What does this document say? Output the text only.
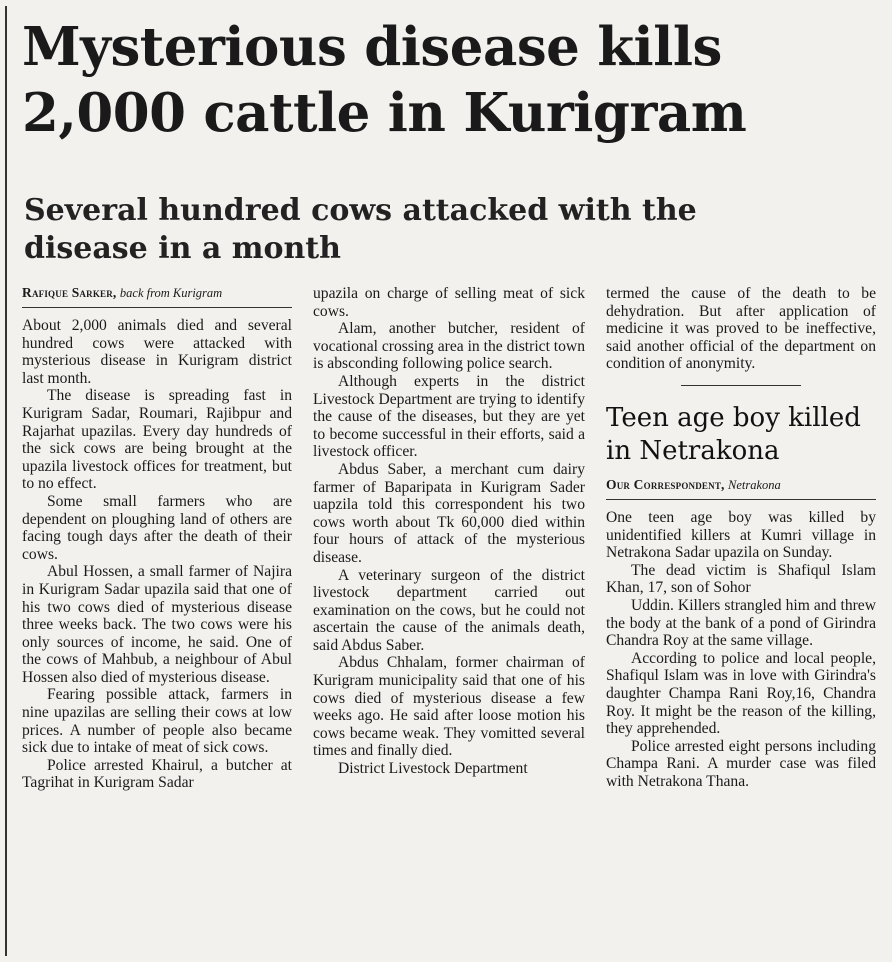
Mysterious disease kills 2,000 cattle in Kurigram
Several hundred cows attacked with the disease in a month
Rafique Sarker, back from Kurigram

About 2,000 animals died and several hundred cows were attacked with mysterious disease in Kurigram district last month.

The disease is spreading fast in Kurigram Sadar, Roumari, Rajibpur and Rajarhat upazilas. Every day hundreds of the sick cows are being brought at the upazila livestock offices for treatment, but to no effect.

Some small farmers who are dependent on ploughing land of others are facing tough days after the death of their cows.

Abul Hossen, a small farmer of Najira in Kurigram Sadar upazila said that one of his two cows died of mysterious disease three weeks back. The two cows were his only sources of income, he said. One of the cows of Mahbub, a neighbour of Abul Hossen also died of mysterious disease.

Fearing possible attack, farmers in nine upazilas are selling their cows at low prices. A number of people also became sick due to intake of meat of sick cows.

Police arrested Khairul, a butcher at Tagrihat in Kurigram Sadar

upazila on charge of selling meat of sick cows.

Alam, another butcher, resident of vocational crossing area in the district town is absconding following police search.

Although experts in the district Livestock Department are trying to identify the cause of the diseases, but they are yet to become successful in their efforts, said a livestock officer.

Abdus Saber, a merchant cum dairy farmer of Baparipata in Kurigram Sader uapzila told this correspondent his two cows worth about Tk 60,000 died within four hours of attack of the mysterious disease.

A veterinary surgeon of the district livestock department carried out examination on the cows, but he could not ascertain the cause of the animals death, said Abdus Saber.

Abdus Chhalam, former chairman of Kurigram municipality said that one of his cows died of mysterious disease a few weeks ago. He said after loose motion his cows became weak. They vomitted several times and finally died.

District Livestock Department

termed the cause of the death to be dehydration. But after application of medicine it was proved to be ineffective, said another official of the department on condition of anonymity.

Teen age boy killed in Netrakona
Our Correspondent, Netrakona

One teen age boy was killed by unidentified killers at Kumri village in Netrakona Sadar upazila on Sunday.

The dead victim is Shafiqul Islam Khan, 17, son of Sohor

Uddin. Killers strangled him and threw the body at the bank of a pond of Girindra Chandra Roy at the same village.

According to police and local people, Shafiqul Islam was in love with Girindra's daughter Champa Rani Roy,16, Chandra Roy. It might be the reason of the killing, they apprehended.

Police arrested eight persons including Champa Rani. A murder case was filed with Netrakona Thana.
